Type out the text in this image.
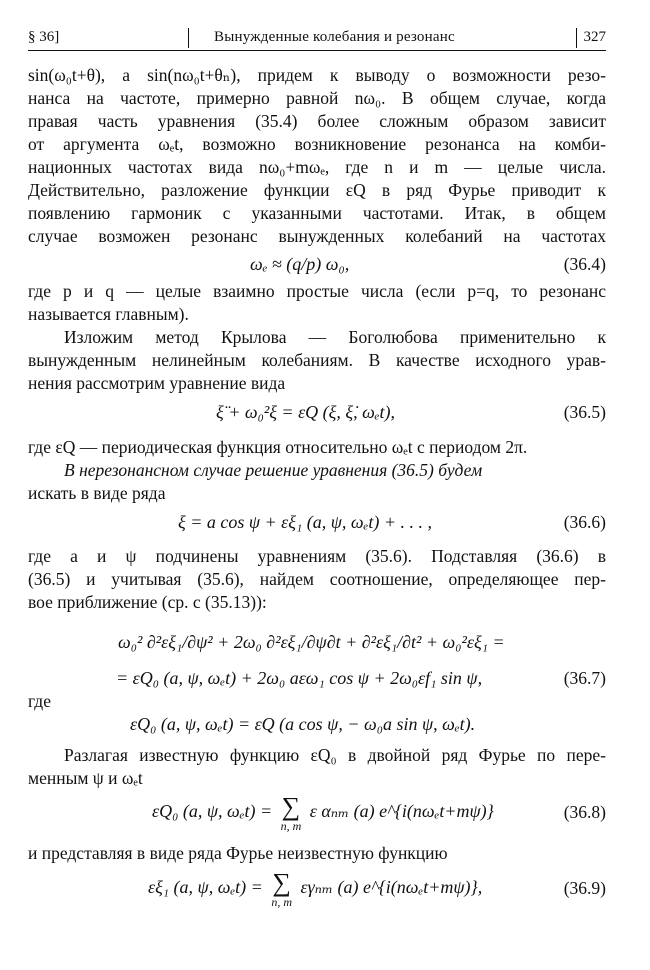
§ 36]	Вынужденные колебания и резонанс	327
sin(ω₀t+θ), a sin(nω₀t+θₙ), придем к выводу о возможности резо-
нанса на частоте, примерно равной nω₀. В общем случае, когда
правая часть уравнения (35.4) более сложным образом зависит
от аргумента ωₑt, возможно возникновение резонанса на комби-
национных частотах вида nω₀+mωₑ, где n и m — целые числа.
Действительно, разложение функции εQ в ряд Фурье приводит к
появлению гармоник с указанными частотами. Итак, в общем
случае возможен резонанс вынужденных колебаний на частотах
ωₑ ≈ (q/p) ω₀,	(36.4)
где p и q — целые взаимно простые числа (если p=q, то резонанс
называется главным).
Изложим метод Крылова — Боголюбова применительно к
вынужденным нелинейным колебаниям. В качестве исходного урав-
нения рассмотрим уравнение вида
ξ̈ + ω₀²ξ = εQ (ξ, ξ̇, ωₑt),	(36.5)
где εQ — периодическая функция относительно ωₑt с периодом 2π.
В нерезонансном случае решение уравнения (36.5) будем
искать в виде ряда
ξ = a cos ψ + εξ₁ (a, ψ, ωₑt) + . . . ,	(36.6)
где a и ψ подчинены уравнениям (35.6). Подставляя (36.6) в
(36.5) и учитывая (35.6), найдем соотношение, определяющее пер-
вое приближение (ср. с (35.13)):
ω₀² ∂²εξ₁/∂ψ² + 2ω₀ ∂²εξ₁/∂ψ∂t + ∂²εξ₁/∂t² + ω₀²εξ₁ =
= εQ₀ (a, ψ, ωₑt) + 2ω₀ aεω₁ cos ψ + 2ω₀εf₁ sin ψ,	(36.7)
где
εQ₀ (a, ψ, ωₑt) = εQ (a cos ψ, − ω₀a sin ψ, ωₑt).
Разлагая известную функцию εQ₀ в двойной ряд Фурье по пере-
менным ψ и ωₑt
εQ₀ (a, ψ, ωₑt) = ∑
n, m
ε αₙₘ (a) e^{i(nωₑt+mψ)}	(36.8)
и представляя в виде ряда Фурье неизвестную функцию
εξ₁ (a, ψ, ωₑt) = ∑
n, m
εγₙₘ (a) e^{i(nωₑt+mψ)},	(36.9)
